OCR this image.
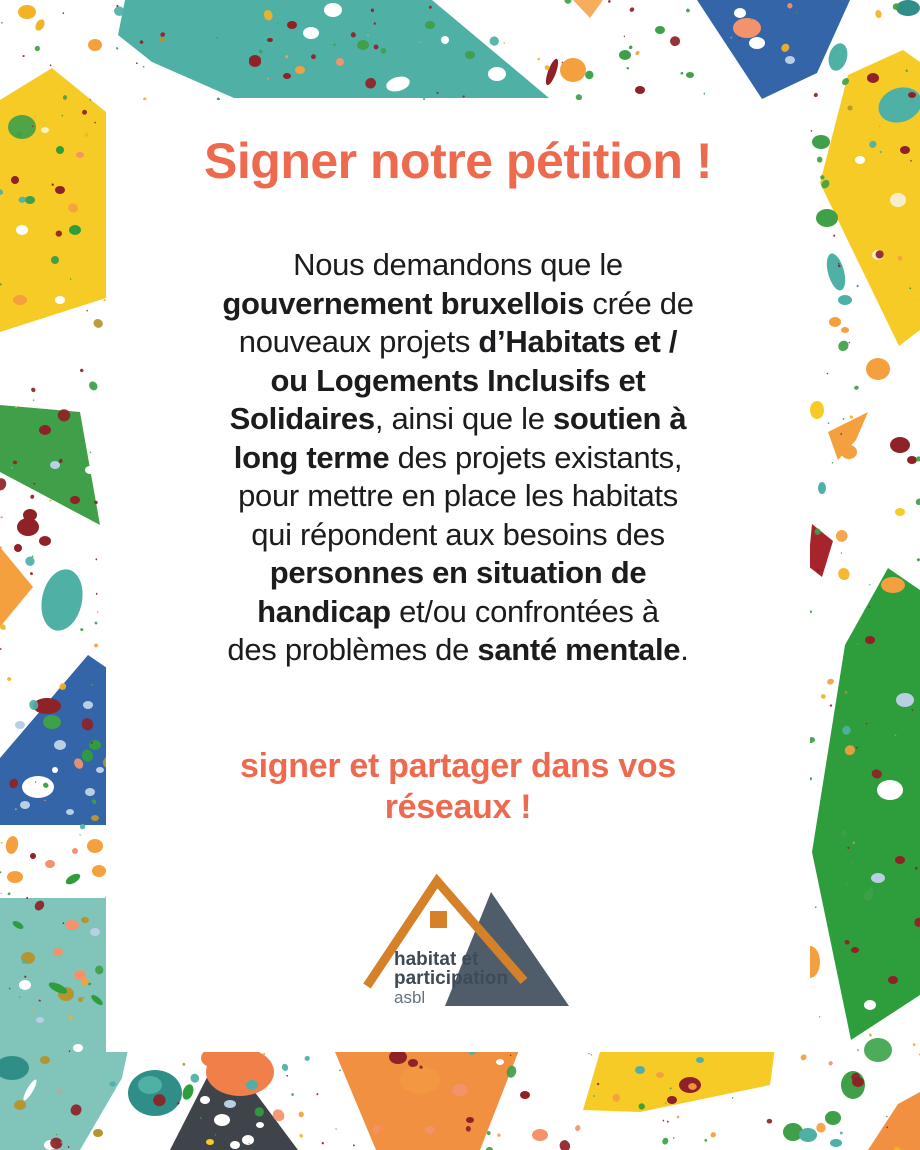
Signer notre pétition !
Nous demandons que le
gouvernement bruxellois crée de
nouveaux projets d’Habitats et /
ou Logements Inclusifs et
Solidaires, ainsi que le soutien à
long terme des projets existants,
pour mettre en place les habitats
qui répondent aux besoins des
personnes en situation de
handicap et/ou confrontées à
des problèmes de santé mentale.
signer et partager dans vos
réseaux !
habitat et
participation
asbl
